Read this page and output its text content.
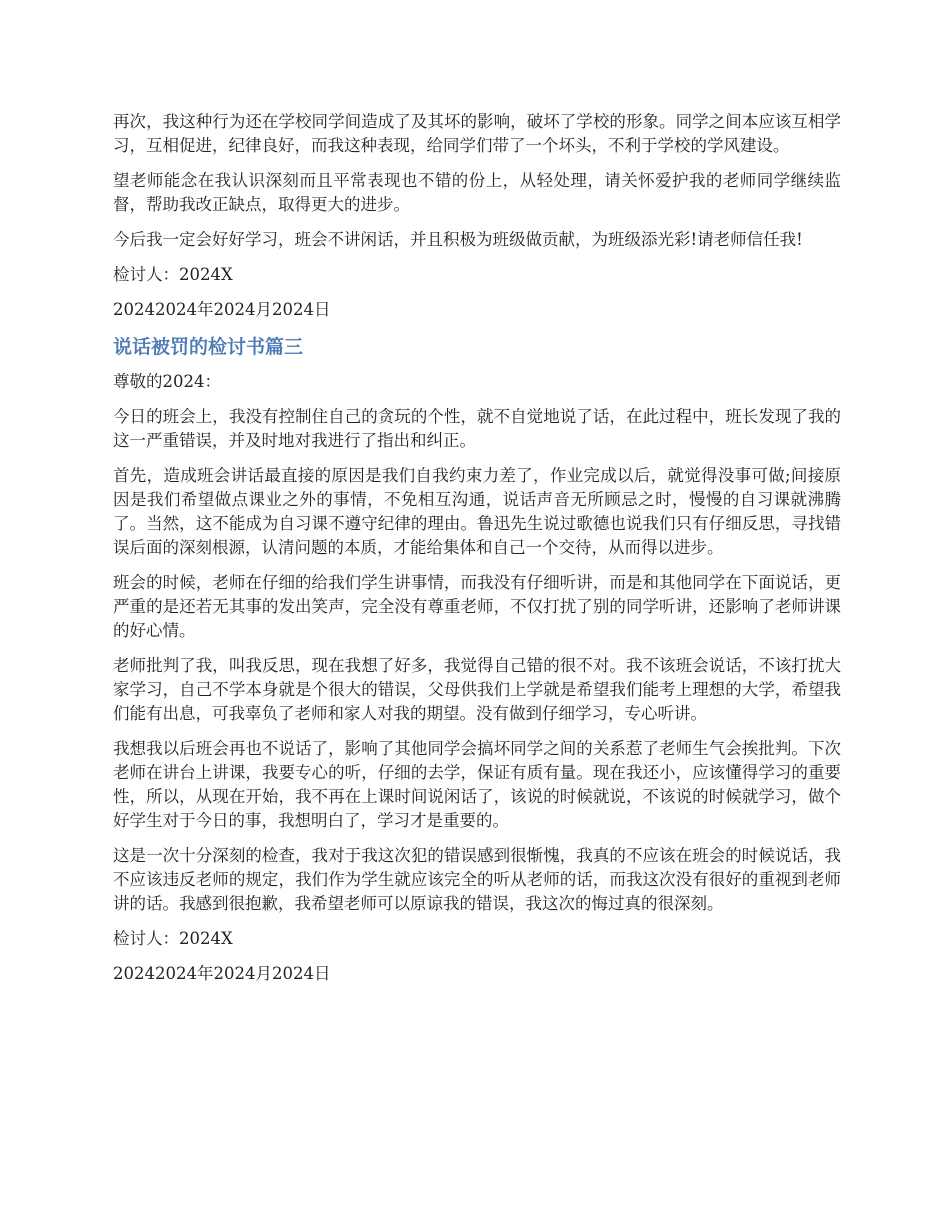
再次，我这种行为还在学校同学间造成了及其坏的影响，破坏了学校的形象。同学之间本应该互相学习，互相促进，纪律良好，而我这种表现，给同学们带了一个坏头，不利于学校的学风建设。

望老师能念在我认识深刻而且平常表现也不错的份上，从轻处理，请关怀爱护我的老师同学继续监督，帮助我改正缺点，取得更大的进步。

今后我一定会好好学习，班会不讲闲话，并且积极为班级做贡献，为班级添光彩!请老师信任我!

检讨人：2024X

20242024年2024月2024日

说话被罚的检讨书篇三

尊敬的2024：

今日的班会上，我没有控制住自己的贪玩的个性，就不自觉地说了话，在此过程中，班长发现了我的这一严重错误，并及时地对我进行了指出和纠正。

首先，造成班会讲话最直接的原因是我们自我约束力差了，作业完成以后，就觉得没事可做;间接原因是我们希望做点课业之外的事情，不免相互沟通，说话声音无所顾忌之时，慢慢的自习课就沸腾了。当然，这不能成为自习课不遵守纪律的理由。鲁迅先生说过歌德也说我们只有仔细反思，寻找错误后面的深刻根源，认清问题的本质，才能给集体和自己一个交待，从而得以进步。

班会的时候，老师在仔细的给我们学生讲事情，而我没有仔细听讲，而是和其他同学在下面说话，更严重的是还若无其事的发出笑声，完全没有尊重老师，不仅打扰了别的同学听讲，还影响了老师讲课的好心情。

老师批判了我，叫我反思，现在我想了好多，我觉得自己错的很不对。我不该班会说话，不该打扰大家学习，自己不学本身就是个很大的错误，父母供我们上学就是希望我们能考上理想的大学，希望我们能有出息，可我辜负了老师和家人对我的期望。没有做到仔细学习，专心听讲。

我想我以后班会再也不说话了，影响了其他同学会搞坏同学之间的关系惹了老师生气会挨批判。下次老师在讲台上讲课，我要专心的听，仔细的去学，保证有质有量。现在我还小，应该懂得学习的重要性，所以，从现在开始，我不再在上课时间说闲话了，该说的时候就说，不该说的时候就学习，做个好学生对于今日的事，我想明白了，学习才是重要的。

这是一次十分深刻的检查，我对于我这次犯的错误感到很惭愧，我真的不应该在班会的时候说话，我不应该违反老师的规定，我们作为学生就应该完全的听从老师的话，而我这次没有很好的重视到老师讲的话。我感到很抱歉，我希望老师可以原谅我的错误，我这次的悔过真的很深刻。

检讨人：2024X

20242024年2024月2024日
